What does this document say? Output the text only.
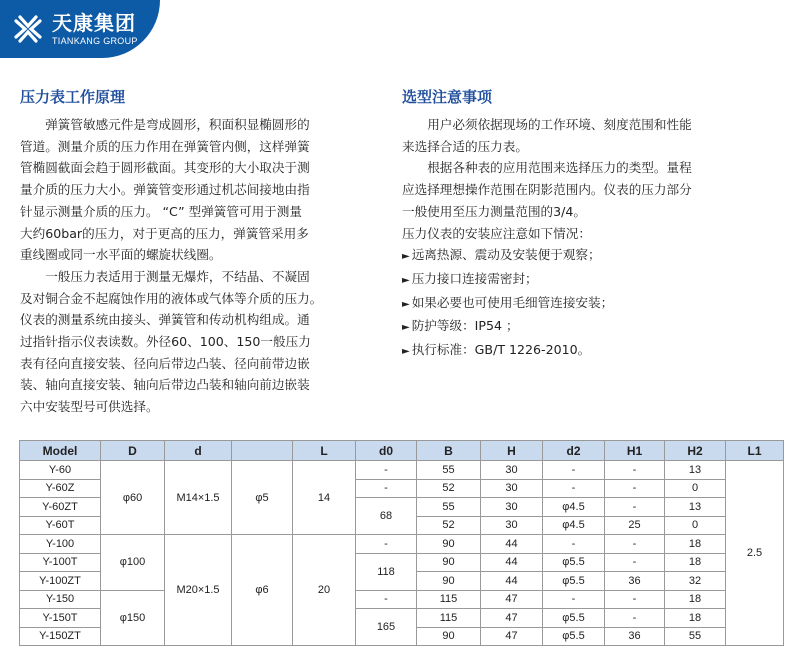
天康集团
TIANKANG GROUP
压力表工作原理
弹簧管敏感元件是弯成圆形，积面积显椭圆形的
管道。测量介质的压力作用在弹簧管内侧，这样弹簧
管椭圆截面会趋于圆形截面。其变形的大小取决于测
量介质的压力大小。弹簧管变形通过机芯间接地由指
针显示测量介质的压力。 “C” 型弹簧管可用于测量
大约60bar的压力，对于更高的压力，弹簧管采用多
重线圈或同一水平面的螺旋状线圈。
一般压力表适用于测量无爆炸，不结晶、不凝固
及对铜合金不起腐蚀作用的液体或气体等介质的压力。
仪表的测量系统由接头、弹簧管和传动机构组成。通
过指针指示仪表读数。外径60、100、150一般压力
表有径向直接安装、径向后带边凸装、径向前带边嵌
装、轴向直接安装、轴向后带边凸装和轴向前边嵌装
六中安装型号可供选择。
选型注意事项
用户必须依据现场的工作环境、刻度范围和性能
来选择合适的压力表。
根据各种表的应用范围来选择压力的类型。量程
应选择理想操作范围在阴影范围内。仪表的压力部分
一般使用至压力测量范围的3/4。
压力仪表的安装应注意如下情况：
► 远离热源、震动及安装便于观察；
► 压力接口连接需密封；
► 如果必要也可使用毛细管连接安装；
► 防护等级：IP54 ；
► 执行标准：GB/T 1226-2010。
Model	D	d		L	d0	B	H	d2	H1	H2	L1
Y-60	φ60	M14×1.5	φ5	14	-	55	30	-	-	13	2.5
Y-60Z					-	52	30	-	-	0	
Y-60ZT					68	55	30	φ4.5	-	13	
Y-60T						52	30	φ4.5	25	0	
Y-100	φ100	M20×1.5	φ6	20	-	90	44	-	-	18	
Y-100T					118	90	44	φ5.5	-	18	
Y-100ZT						90	44	φ5.5	36	32	
Y-150	φ150				-	115	47	-	-	18	
Y-150T					165	115	47	φ5.5	-	18	
Y-150ZT						90	47	φ5.5	36	55	
